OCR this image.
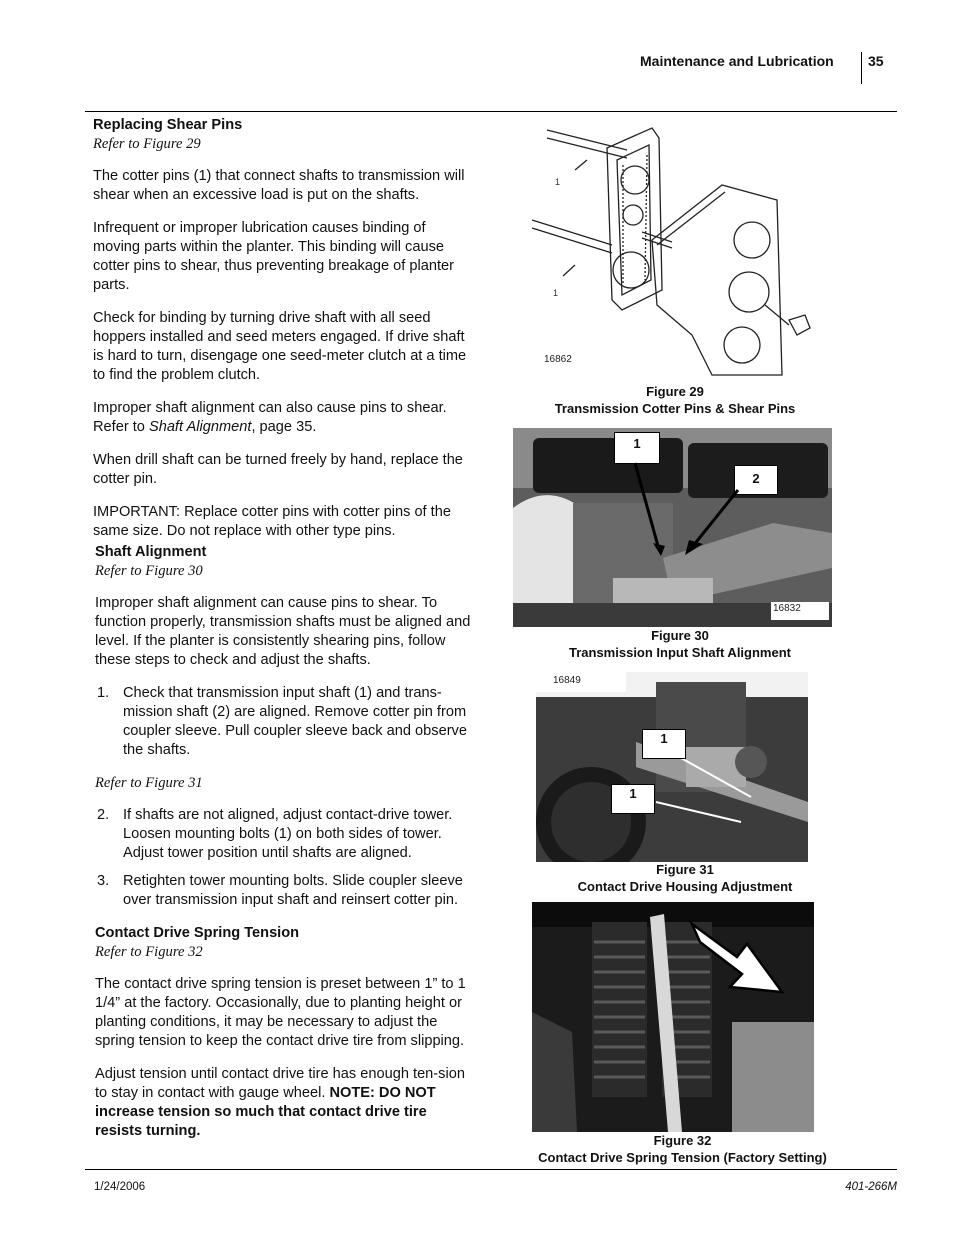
Maintenance and Lubrication 35
Replacing Shear Pins
Refer to Figure 29

The cotter pins (1) that connect shafts to transmission will shear when an excessive load is put on the shafts.

Infrequent or improper lubrication causes binding of moving parts within the planter. This binding will cause cotter pins to shear, thus preventing breakage of planter parts.

Check for binding by turning drive shaft with all seed hoppers installed and seed meters engaged. If drive shaft is hard to turn, disengage one seed-meter clutch at a time to find the problem clutch.

Improper shaft alignment can also cause pins to shear. Refer to Shaft Alignment, page 35.

When drill shaft can be turned freely by hand, replace the cotter pin.

IMPORTANT: Replace cotter pins with cotter pins of the same size. Do not replace with other type pins.

Shaft Alignment
Refer to Figure 30

Improper shaft alignment can cause pins to shear. To function properly, transmission shafts must be aligned and level. If the planter is consistently shearing pins, follow these steps to check and adjust the shafts.

1. Check that transmission input shaft (1) and trans-mission shaft (2) are aligned. Remove cotter pin from coupler sleeve. Pull coupler sleeve back and observe the shafts.
Refer to Figure 31
2. If shafts are not aligned, adjust contact-drive tower. Loosen mounting bolts (1) on both sides of tower. Adjust tower position until shafts are aligned.
3. Retighten tower mounting bolts. Slide coupler sleeve over transmission input shaft and reinsert cotter pin.
Contact Drive Spring Tension
Refer to Figure 32

The contact drive spring tension is preset between 1” to 1 1/4” at the factory. Occasionally, due to planting height or planting conditions, it may be necessary to adjust the spring tension to keep the contact drive tire from slipping.

Adjust tension until contact drive tire has enough ten-sion to stay in contact with gauge wheel. NOTE: DO NOT increase tension so much that contact drive tire resists turning.

1
1
16862
Figure 29
Transmission Cotter Pins & Shear Pins
1
2
16832
Figure 30
Transmission Input Shaft Alignment
1
1
16849
Figure 31
Contact Drive Housing Adjustment
Figure 32
Contact Drive Spring Tension (Factory Setting)
1/24/2006	401-266M
